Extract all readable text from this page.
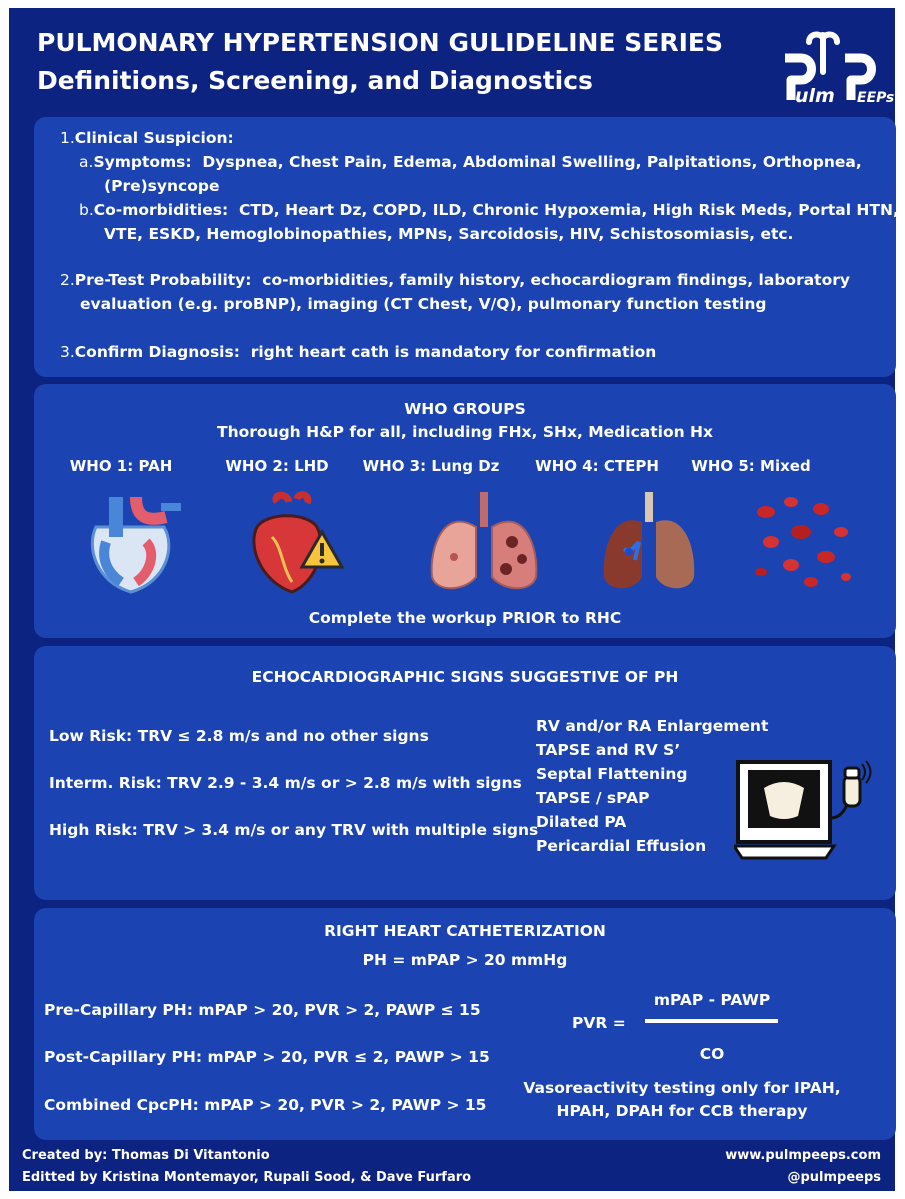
PULMONARY HYPERTENSION GULIDELINE SERIES
Definitions, Screening, and Diagnostics
ulm EEPs
1.Clinical Suspicion:
a.Symptoms: Dyspnea, Chest Pain, Edema, Abdominal Swelling, Palpitations, Orthopnea,
(Pre)syncope
b.Co-morbidities: CTD, Heart Dz, COPD, ILD, Chronic Hypoxemia, High Risk Meds, Portal HTN,
VTE, ESKD, Hemoglobinopathies, MPNs, Sarcoidosis, HIV, Schistosomiasis, etc.
2.Pre-Test Probability: co-morbidities, family history, echocardiogram findings, laboratory
evaluation (e.g. proBNP), imaging (CT Chest, V/Q), pulmonary function testing
3.Confirm Diagnosis: right heart cath is mandatory for confirmation
WHO GROUPS
Thorough H&P for all, including FHx, SHx, Medication Hx
WHO 1: PAH	WHO 2: LHD	WHO 3: Lung Dz	WHO 4: CTEPH	WHO 5: Mixed
Complete the workup PRIOR to RHC
ECHOCARDIOGRAPHIC SIGNS SUGGESTIVE OF PH
Low Risk: TRV ≤ 2.8 m/s and no other signs
Interm. Risk: TRV 2.9 - 3.4 m/s or > 2.8 m/s with signs
High Risk: TRV > 3.4 m/s or any TRV with multiple signs
RV and/or RA Enlargement
TAPSE and RV S’
Septal Flattening
TAPSE / sPAP
Dilated PA
Pericardial Effusion
RIGHT HEART CATHETERIZATION
PH = mPAP > 20 mmHg
Pre-Capillary PH: mPAP > 20, PVR > 2, PAWP ≤ 15
Post-Capillary PH: mPAP > 20, PVR ≤ 2, PAWP > 15
Combined CpcPH: mPAP > 20, PVR > 2, PAWP > 15
PVR =
mPAP - PAWP
CO
Vasoreactivity testing only for IPAH,
HPAH, DPAH for CCB therapy
Created by: Thomas Di Vitantonio
Editted by Kristina Montemayor, Rupali Sood, & Dave Furfaro
www.pulmpeeps.com
@pulmpeeps
